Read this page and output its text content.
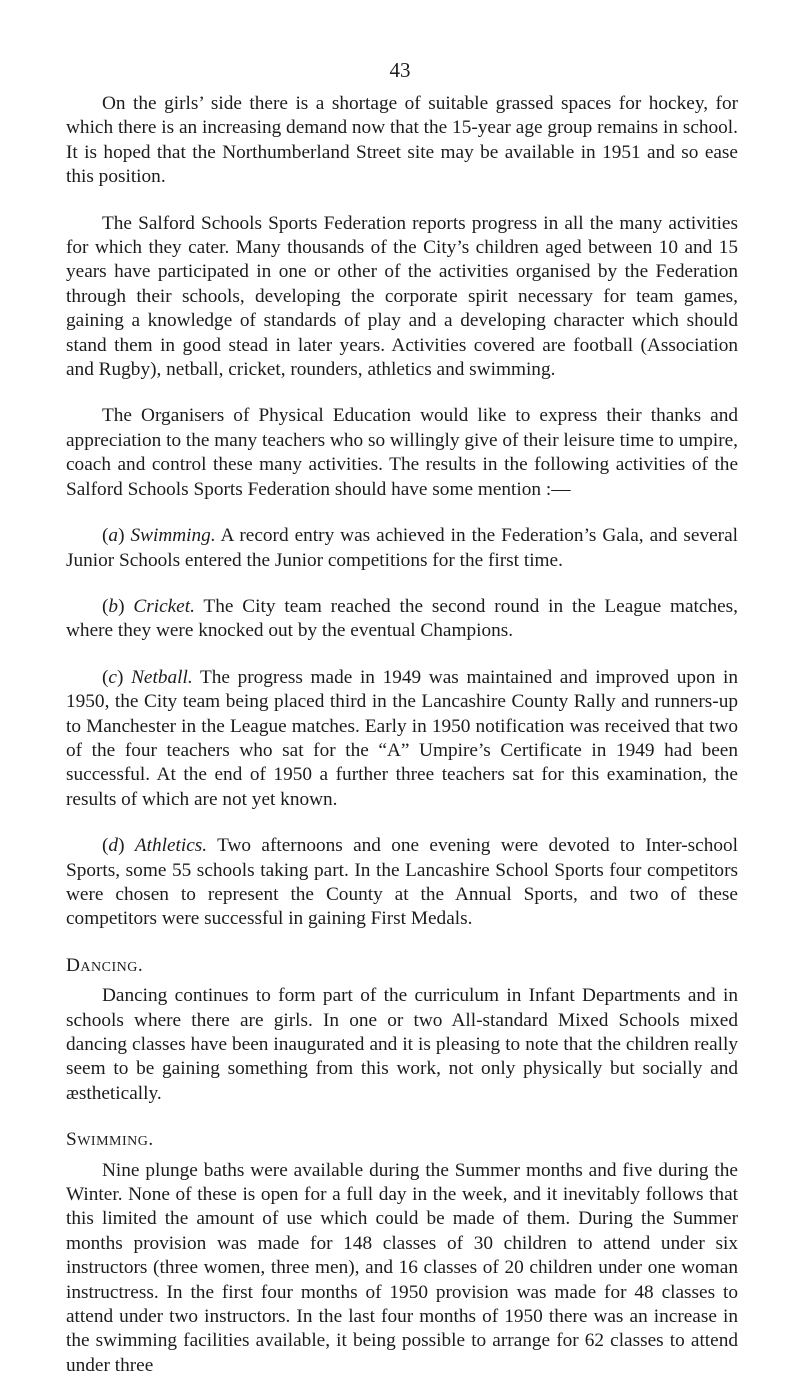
43

On the girls’ side there is a shortage of suitable grassed spaces for hockey, for which there is an increasing demand now that the 15-year age group remains in school. It is hoped that the Northumberland Street site may be available in 1951 and so ease this position.

The Salford Schools Sports Federation reports progress in all the many activities for which they cater. Many thousands of the City’s children aged between 10 and 15 years have participated in one or other of the activities organised by the Federation through their schools, developing the corporate spirit necessary for team games, gaining a knowledge of standards of play and a developing character which should stand them in good stead in later years. Activities covered are football (Association and Rugby), netball, cricket, rounders, athletics and swimming.

The Organisers of Physical Education would like to express their thanks and appreciation to the many teachers who so willingly give of their leisure time to umpire, coach and control these many activities. The results in the following activities of the Salford Schools Sports Federation should have some mention :—

(a) Swimming. A record entry was achieved in the Federation’s Gala, and several Junior Schools entered the Junior competitions for the first time.

(b) Cricket. The City team reached the second round in the League matches, where they were knocked out by the eventual Champions.

(c) Netball. The progress made in 1949 was maintained and improved upon in 1950, the City team being placed third in the Lancashire County Rally and runners-up to Manchester in the League matches. Early in 1950 notification was received that two of the four teachers who sat for the “A” Umpire’s Certificate in 1949 had been successful. At the end of 1950 a further three teachers sat for this examination, the results of which are not yet known.

(d) Athletics. Two afternoons and one evening were devoted to Inter-school Sports, some 55 schools taking part. In the Lancashire School Sports four competitors were chosen to represent the County at the Annual Sports, and two of these competitors were successful in gaining First Medals.

Dancing.

Dancing continues to form part of the curriculum in Infant Departments and in schools where there are girls. In one or two All-standard Mixed Schools mixed dancing classes have been inaugurated and it is pleasing to note that the children really seem to be gaining something from this work, not only physically but socially and æsthetically.

Swimming.

Nine plunge baths were available during the Summer months and five during the Winter. None of these is open for a full day in the week, and it inevitably follows that this limited the amount of use which could be made of them. During the Summer months provision was made for 148 classes of 30 children to attend under six instructors (three women, three men), and 16 classes of 20 children under one woman instructress. In the first four months of 1950 provision was made for 48 classes to attend under two instructors. In the last four months of 1950 there was an increase in the swimming facilities available, it being possible to arrange for 62 classes to attend under three
